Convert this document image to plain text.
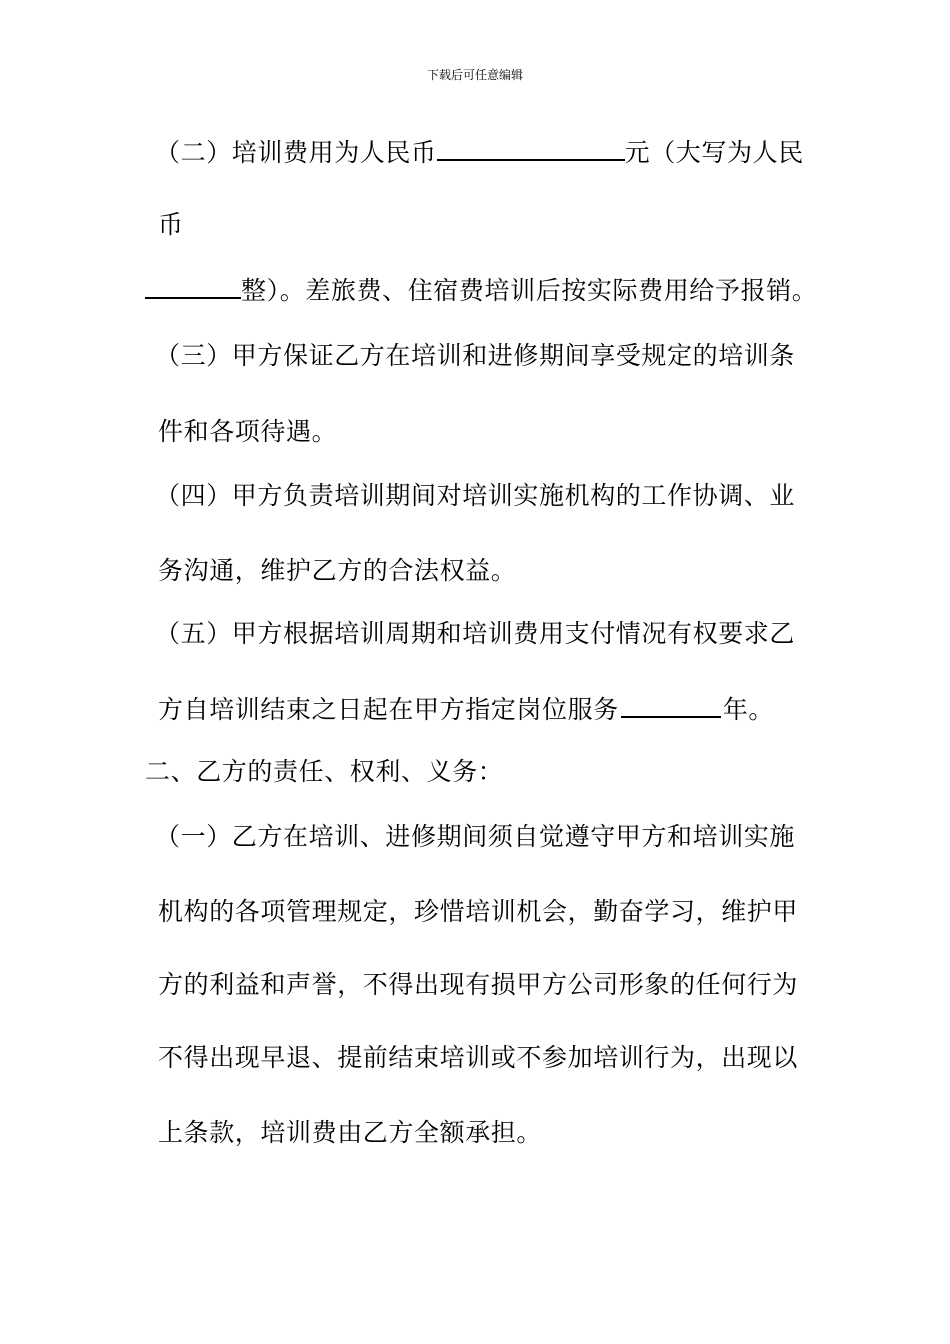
下载后可任意编辑
（二）培训费用为人民币	元（大写为人民
币
整）。差旅费、住宿费培训后按实际费用给予报销。
（三）甲方保证乙方在培训和进修期间享受规定的培训条
件和各项待遇。
（四）甲方负责培训期间对培训实施机构的工作协调、业
务沟通，维护乙方的合法权益。
（五）甲方根据培训周期和培训费用支付情况有权要求乙
方自培训结束之日起在甲方指定岗位服务	年。
二、乙方的责任、权利、义务：
（一）乙方在培训、进修期间须自觉遵守甲方和培训实施
机构的各项管理规定，珍惜培训机会，勤奋学习，维护甲
方的利益和声誉，不得出现有损甲方公司形象的任何行为
不得出现早退、提前结束培训或不参加培训行为，出现以
上条款，培训费由乙方全额承担。
